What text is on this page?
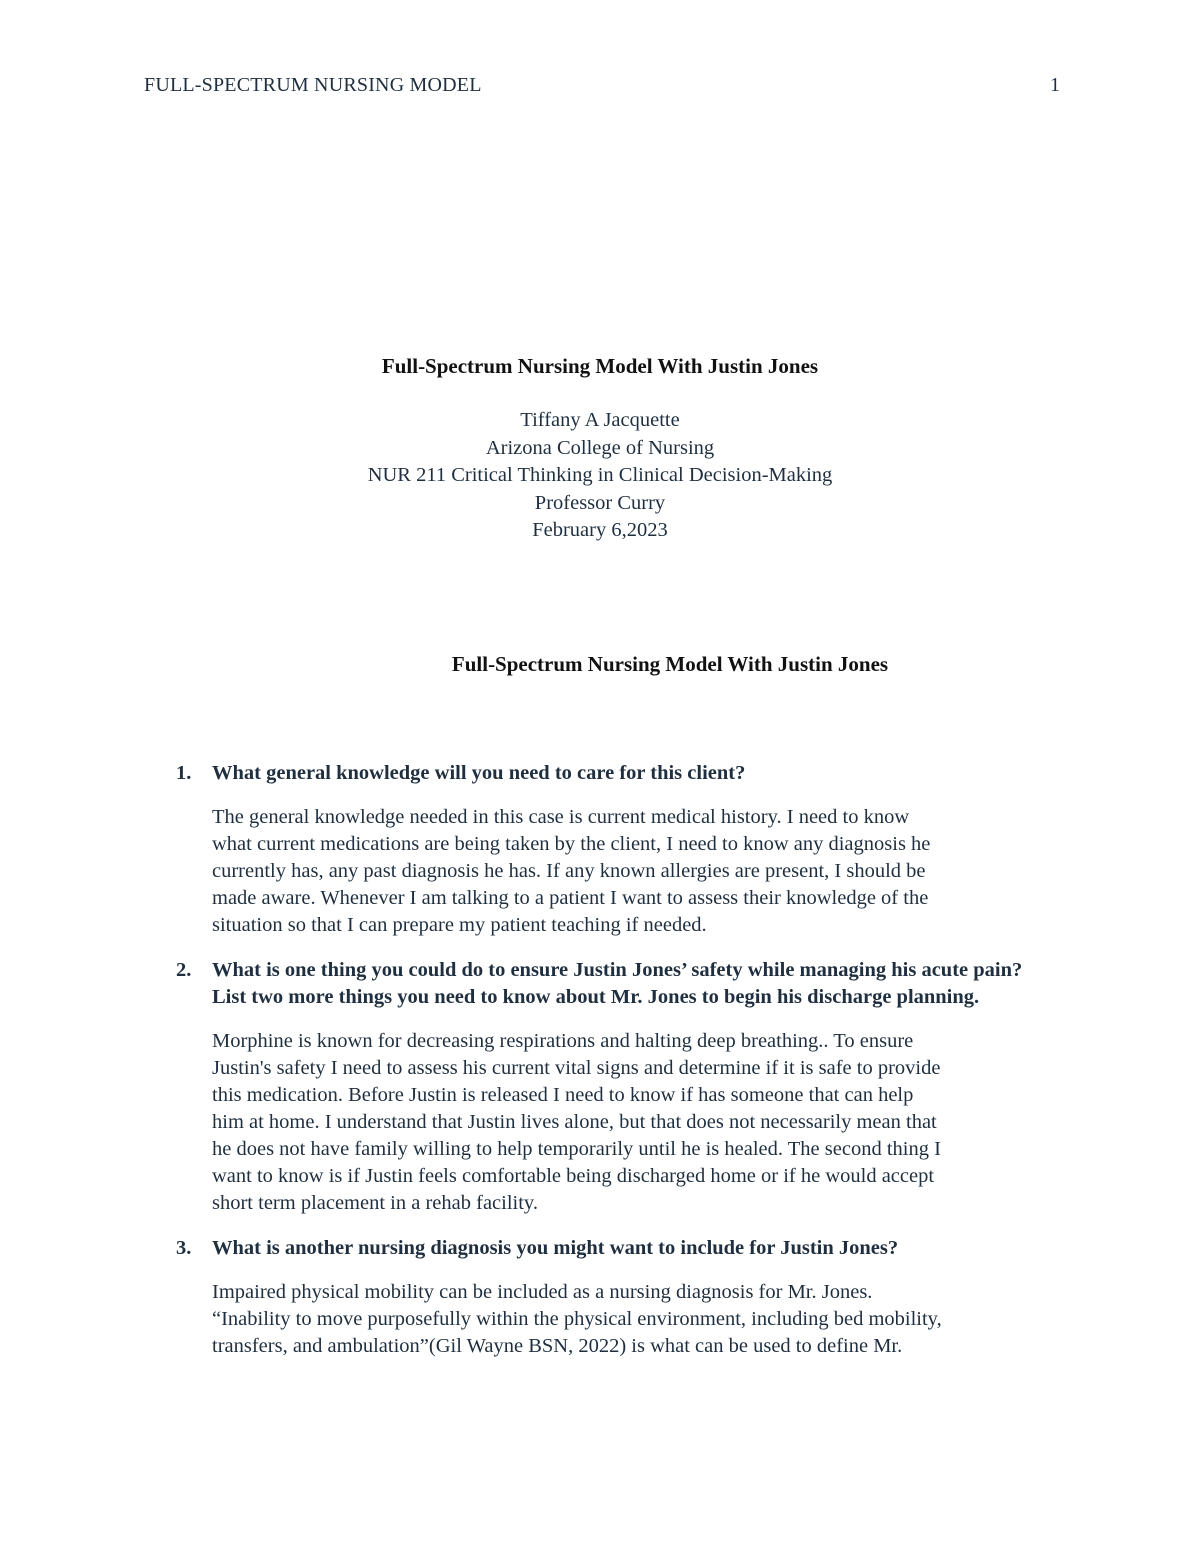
FULL-SPECTRUM NURSING MODEL	1
Full-Spectrum Nursing Model With Justin Jones
Tiffany A Jacquette
Arizona College of Nursing
NUR 211 Critical Thinking in Clinical Decision-Making
Professor Curry
February 6,2023
Full-Spectrum Nursing Model With Justin Jones
1. What general knowledge will you need to care for this client?

The general knowledge needed in this case is current medical history. I need to know
what current medications are being taken by the client, I need to know any diagnosis he
currently has, any past diagnosis he has. If any known allergies are present, I should be
made aware. Whenever I am talking to a patient I want to assess their knowledge of the
situation so that I can prepare my patient teaching if needed.

2. What is one thing you could do to ensure Justin Jones’ safety while managing his acute pain? List two more things you need to know about Mr. Jones to begin his discharge planning.

Morphine is known for decreasing respirations and halting deep breathing.. To ensure
Justin's safety I need to assess his current vital signs and determine if it is safe to provide
this medication. Before Justin is released I need to know if has someone that can help
him at home. I understand that Justin lives alone, but that does not necessarily mean that
he does not have family willing to help temporarily until he is healed. The second thing I
want to know is if Justin feels comfortable being discharged home or if he would accept
short term placement in a rehab facility.

3. What is another nursing diagnosis you might want to include for Justin Jones?

Impaired physical mobility can be included as a nursing diagnosis for Mr. Jones.
“Inability to move purposefully within the physical environment, including bed mobility,
transfers, and ambulation”(Gil Wayne BSN, 2022) is what can be used to define Mr.
